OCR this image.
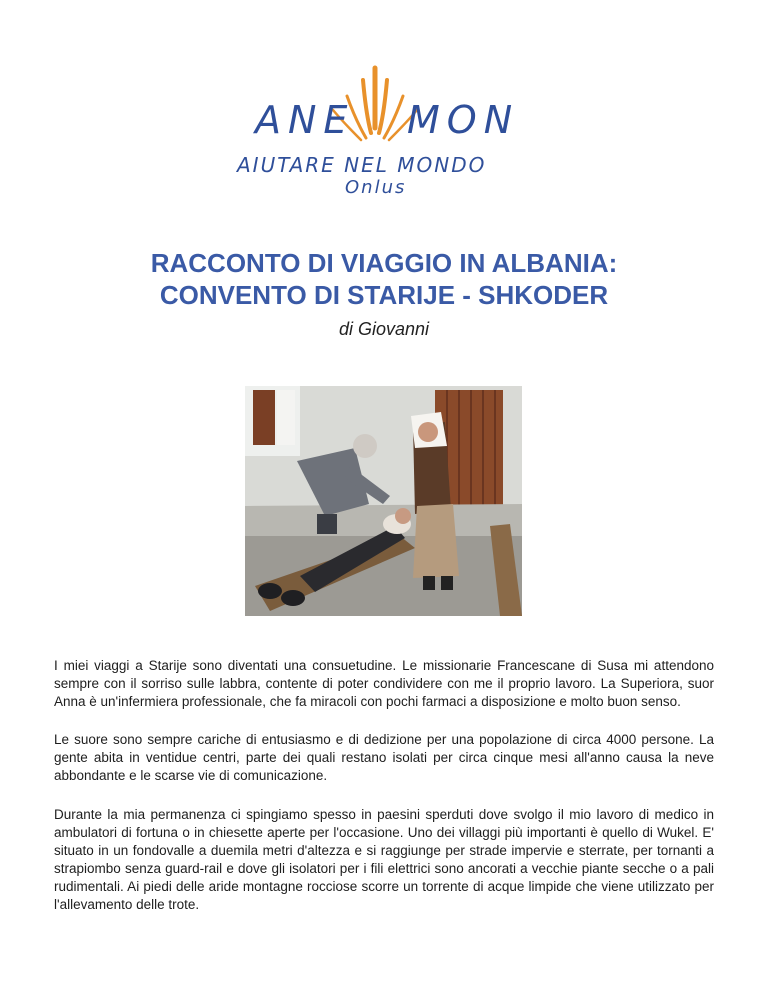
ANE MON
AIUTARE NEL MONDO
Onlus
RACCONTO DI VIAGGIO IN ALBANIA:
CONVENTO DI STARIJE - SHKODER
di Giovanni

I miei viaggi a Starije sono diventati una consuetudine. Le missionarie Francescane di Susa mi attendono sempre con il sorriso sulle labbra, contente di poter condividere con me il proprio lavoro. La Superiora, suor Anna è un'infermiera professionale, che fa miracoli con pochi farmaci a disposizione e molto buon senso.

Le suore sono sempre cariche di entusiasmo e di dedizione per una popolazione di circa 4000 persone. La gente abita in ventidue centri, parte dei quali restano isolati per circa cinque mesi all'anno causa la neve abbondante e le scarse vie di comunicazione.

Durante la mia permanenza ci spingiamo spesso in paesini sperduti dove svolgo il mio lavoro di medico in ambulatori di fortuna o in chiesette aperte per l'occasione. Uno dei villaggi più importanti è quello di Wukel. E' situato in un fondovalle a duemila metri d'altezza e si raggiunge per strade impervie e sterrate, per tornanti a strapiombo senza guard-rail e dove gli isolatori per i fili elettrici sono ancorati a vecchie piante secche o a pali rudimentali. Ai piedi delle aride montagne rocciose scorre un torrente di acque limpide che viene utilizzato per l'allevamento delle trote.
